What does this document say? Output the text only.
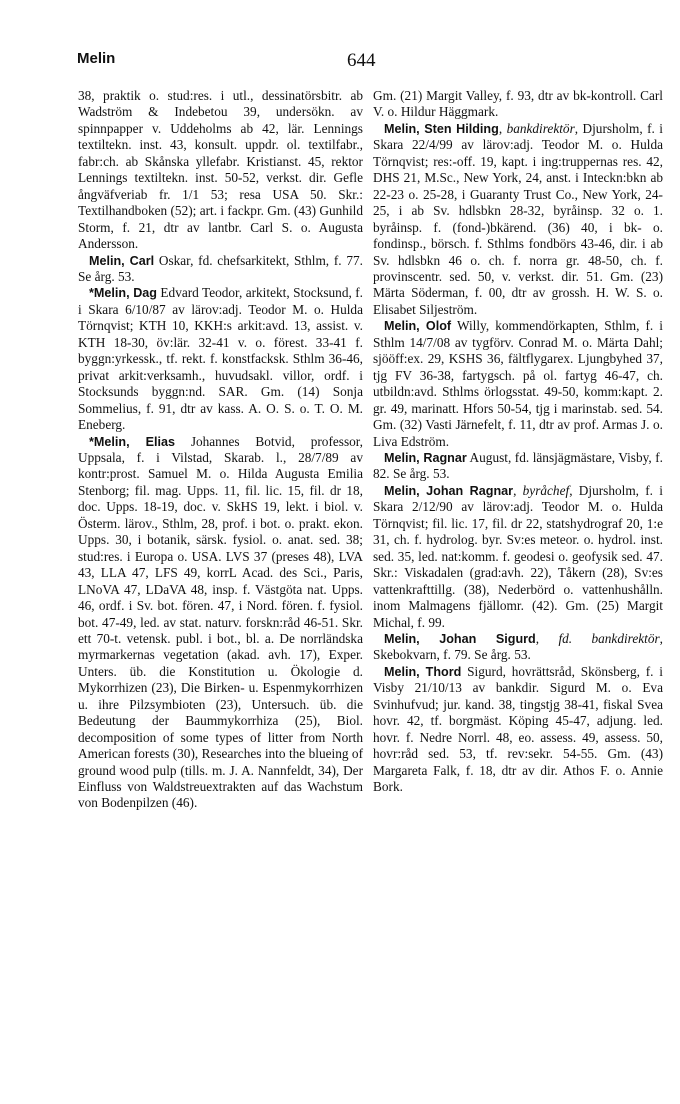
Melin	644

38, praktik o. stud:res. i utl., dessinatörsbitr. ab Wadström & Indebetou 39, undersökn. av spinnpapper v. Uddeholms ab 42, lär. Lennings textiltekn. inst. 43, konsult. uppdr. ol. textilfabr., fabr:ch. ab Skånska yllefabr. Kristianst. 45, rektor Lennings textiltekn. inst. 50-52, verkst. dir. Gefle ångväfveriab fr. 1/1 53; resa USA 50. Skr.: Textilhandboken (52); art. i fackpr. Gm. (43) Gunhild Storm, f. 21, dtr av lantbr. Carl S. o. Augusta Andersson.

Melin, Carl Oskar, fd. chefsarkitekt, Sthlm, f. 77. Se årg. 53.

*Melin, Dag Edvard Teodor, arkitekt, Stocksund, f. i Skara 6/10/87 av lärov:adj. Teodor M. o. Hulda Törnqvist; KTH 10, KKH:s arkit:avd. 13, assist. v. KTH 18-30, öv:lär. 32-41 v. o. förest. 33-41 f. byggn:yrkessk., tf. rekt. f. konstfacksk. Sthlm 36-46, privat arkit:verksamh., huvudsakl. villor, ordf. i Stocksunds byggn:nd. SAR. Gm. (14) Sonja Sommelius, f. 91, dtr av kass. A. O. S. o. T. O. M. Eneberg.

*Melin, Elias Johannes Botvid, professor, Uppsala, f. i Vilstad, Skarab. l., 28/7/89 av kontr:prost. Samuel M. o. Hilda Augusta Emilia Stenborg; fil. mag. Upps. 11, fil. lic. 15, fil. dr 18, doc. Upps. 18-19, doc. v. SkHS 19, lekt. i biol. v. Österm. lärov., Sthlm, 28, prof. i bot. o. prakt. ekon. Upps. 30, i botanik, särsk. fysiol. o. anat. sed. 38; stud:res. i Europa o. USA. LVS 37 (preses 48), LVA 43, LLA 47, LFS 49, korrL Acad. des Sci., Paris, LNoVA 47, LDaVA 48, insp. f. Västgöta nat. Upps. 46, ordf. i Sv. bot. fören. 47, i Nord. fören. f. fysiol. bot. 47-49, led. av stat. naturv. forskn:råd 46-51. Skr. ett 70-t. vetensk. publ. i bot., bl. a. De norrländska myrmarkernas vegetation (akad. avh. 17), Exper. Unters. üb. die Konstitution u. Ökologie d. Mykorrhizen (23), Die Birken- u. Espenmykorrhizen u. ihre Pilzsymbioten (23), Untersuch. üb. die Bedeutung der Baummykorrhiza (25), Biol. decomposition of some types of litter from North American forests (30), Researches into the blueing of ground wood pulp (tills. m. J. A. Nannfeldt, 34), Der Einfluss von Waldstreuextrakten auf das Wachstum von Bodenpilzen (46).

Gm. (21) Margit Valley, f. 93, dtr av bk-kontroll. Carl V. o. Hildur Häggmark.

Melin, Sten Hilding, bankdirektör, Djursholm, f. i Skara 22/4/99 av lärov:adj. Teodor M. o. Hulda Törnqvist; res:-off. 19, kapt. i ing:truppernas res. 42, DHS 21, M.Sc., New York, 24, anst. i Inteckn:bkn ab 22-23 o. 25-28, i Guaranty Trust Co., New York, 24-25, i ab Sv. hdlsbkn 28-32, byråinsp. 32 o. 1. byråinsp. f. (fond-)bkärend. (36) 40, i bk- o. fondinsp., börsch. f. Sthlms fondbörs 43-46, dir. i ab Sv. hdlsbkn 46 o. ch. f. norra gr. 48-50, ch. f. provinscentr. sed. 50, v. verkst. dir. 51. Gm. (23) Märta Söderman, f. 00, dtr av grossh. H. W. S. o. Elisabet Siljeström.

Melin, Olof Willy, kommendörkapten, Sthlm, f. i Sthlm 14/7/08 av tygförv. Conrad M. o. Märta Dahl; sjööff:ex. 29, KSHS 36, fältflygarex. Ljungbyhed 37, tjg FV 36-38, fartygsch. på ol. fartyg 46-47, ch. utbildn:avd. Sthlms örlogsstat. 49-50, komm:kapt. 2. gr. 49, marinatt. Hfors 50-54, tjg i marinstab. sed. 54. Gm. (32) Vasti Järnefelt, f. 11, dtr av prof. Armas J. o. Liva Edström.

Melin, Ragnar August, fd. länsjägmästare, Visby, f. 82. Se årg. 53.

Melin, Johan Ragnar, byråchef, Djursholm, f. i Skara 2/12/90 av lärov:adj. Teodor M. o. Hulda Törnqvist; fil. lic. 17, fil. dr 22, statshydrograf 20, 1:e 31, ch. f. hydrolog. byr. Sv:es meteor. o. hydrol. inst. sed. 35, led. nat:komm. f. geodesi o. geofysik sed. 47. Skr.: Viskadalen (grad:avh. 22), Tåkern (28), Sv:es vattenkrafttillg. (38), Nederbörd o. vattenhushålln. inom Malmagens fjällomr. (42). Gm. (25) Margit Michal, f. 99.

Melin, Johan Sigurd, fd. bankdirektör, Skebokvarn, f. 79. Se årg. 53.

Melin, Thord Sigurd, hovrättsråd, Skönsberg, f. i Visby 21/10/13 av bankdir. Sigurd M. o. Eva Svinhufvud; jur. kand. 38, tingstjg 38-41, fiskal Svea hovr. 42, tf. borgmäst. Köping 45-47, adjung. led. hovr. f. Nedre Norrl. 48, eo. assess. 49, assess. 50, hovr:råd sed. 53, tf. rev:sekr. 54-55. Gm. (43) Margareta Falk, f. 18, dtr av dir. Athos F. o. Annie Bork.
